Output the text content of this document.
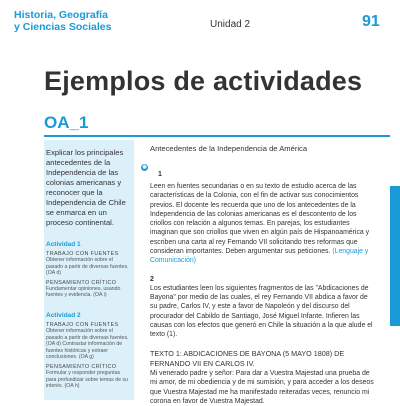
Historia, Geografía
y Ciencias Sociales	Unidad 2	91
Ejemplos de actividades
OA_1
Explicar los principales antecedentes de la Independencia de las colonias americanas y reconocer que la Independencia de Chile se enmarca en un proceso continental.
Actividad 1
TRABAJO CON FUENTES
Obtener información sobre el pasado a partir de diversas fuentes. (OA d)
PENSAMIENTO CRÍTICO
Fundamentar opiniones, usando fuentes y evidencia. (OA i)
Actividad 2
TRABAJO CON FUENTES
Obtener información sobre el pasado a partir de diversas fuentes. (OA d) Contrastar información de fuentes históricas y extraer conclusiones. (OA g)
PENSAMIENTO CRÍTICO
Formular y responder preguntas para profundizar sobre temas de su interés. (OA h)
Antecedentes de la Independencia de América
◉
1
Leen en fuentes secundarias o en su texto de estudio acerca de las características de la Colonia, con el fin de activar sus conocimientos previos. El docente les recuerda que uno de los antecedentes de la Independencia de las colonias americanas es el descontento de los criollos con relación a algunos temas. En parejas, los estudiantes imaginan que son criollos que viven en algún país de Hispanoamérica y escriben una carta al rey Fernando VII solicitando tres reformas que consideran importantes. Deben argumentar sus peticiones. (Lenguaje y Comunicación)
2
Los estudiantes leen los siguientes fragmentos de las "Abdicaciones de Bayona" por medio de las cuales, el rey Fernando VII abdica a favor de su padre, Carlos IV, y este a favor de Napoleón y del discurso del procurador del Cabildo de Santiago, José Miguel Infante. Infieren las causas con los efectos que generó en Chile la situación a la que alude el texto (1).
TEXTO 1: ABDICACIONES DE BAYONA (5 MAYO 1808) DE FERNANDO VII EN CARLOS IV.
Mi venerado padre y señor: Para dar a Vuestra Majestad una prueba de mi amor, de mi obediencia y de mi sumisión, y para acceder a los deseos que Vuestra Majestad me ha manifestado reiteradas veces, renuncio mi corona en favor de Vuestra Majestad.
